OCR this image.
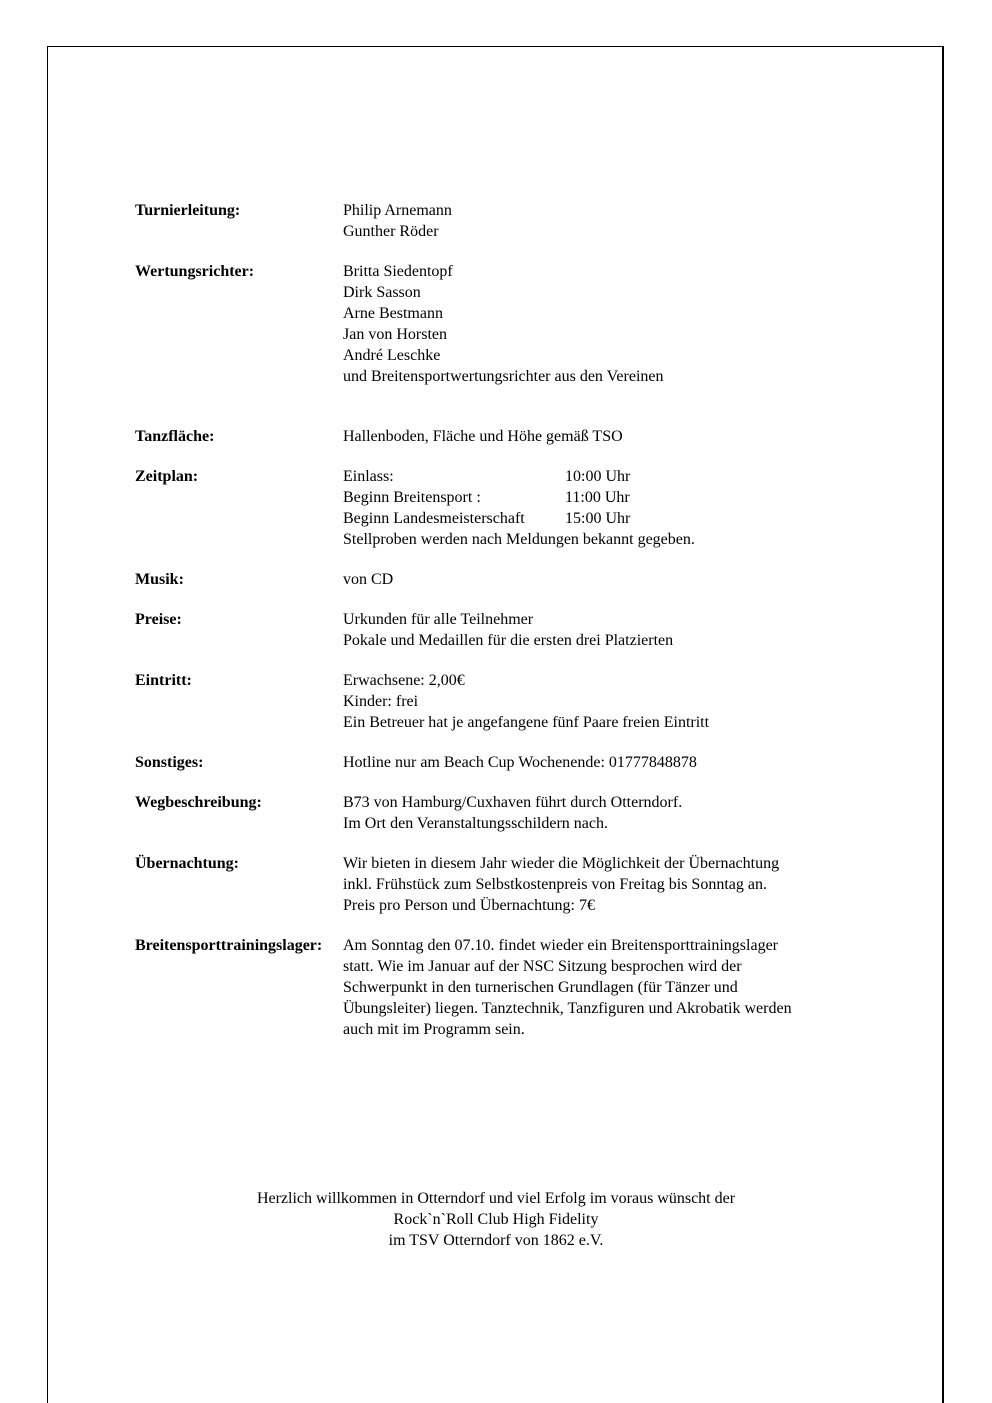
Turnierleitung:	Philip Arnemann
Gunther Röder
Wertungsrichter:	Britta Siedentopf
Dirk Sasson
Arne Bestmann
Jan von Horsten
André Leschke
und Breitensportwertungsrichter aus den Vereinen
Tanzfläche:	Hallenboden, Fläche und Höhe gemäß TSO
Zeitplan:	Einlass:	10:00 Uhr
Beginn Breitensport :	11:00 Uhr
Beginn Landesmeisterschaft	15:00 Uhr
Stellproben werden nach Meldungen bekannt gegeben.
Musik:	von CD
Preise:	Urkunden für alle Teilnehmer
Pokale und Medaillen für die ersten drei Platzierten
Eintritt:	Erwachsene: 2,00€
Kinder: frei
Ein Betreuer hat je angefangene fünf Paare freien Eintritt
Sonstiges:	Hotline nur am Beach Cup Wochenende: 01777848878
Wegbeschreibung:	B73 von Hamburg/Cuxhaven führt durch Otterndorf.
Im Ort den Veranstaltungsschildern nach.
Übernachtung:	Wir bieten in diesem Jahr wieder die Möglichkeit der Übernachtung
inkl. Frühstück zum Selbstkostenpreis von Freitag bis Sonntag an.
Preis pro Person und Übernachtung: 7€
Breitensporttrainingslager: Am Sonntag den 07.10. findet wieder ein Breitensporttrainingslager
statt. Wie im Januar auf der NSC Sitzung besprochen wird der
Schwerpunkt in den turnerischen Grundlagen (für Tänzer und
Übungsleiter) liegen. Tanztechnik, Tanzfiguren und Akrobatik werden
auch mit im Programm sein.
Herzlich willkommen in Otterndorf und viel Erfolg im voraus wünscht der
Rock`n`Roll Club High Fidelity
im TSV Otterndorf von 1862 e.V.
